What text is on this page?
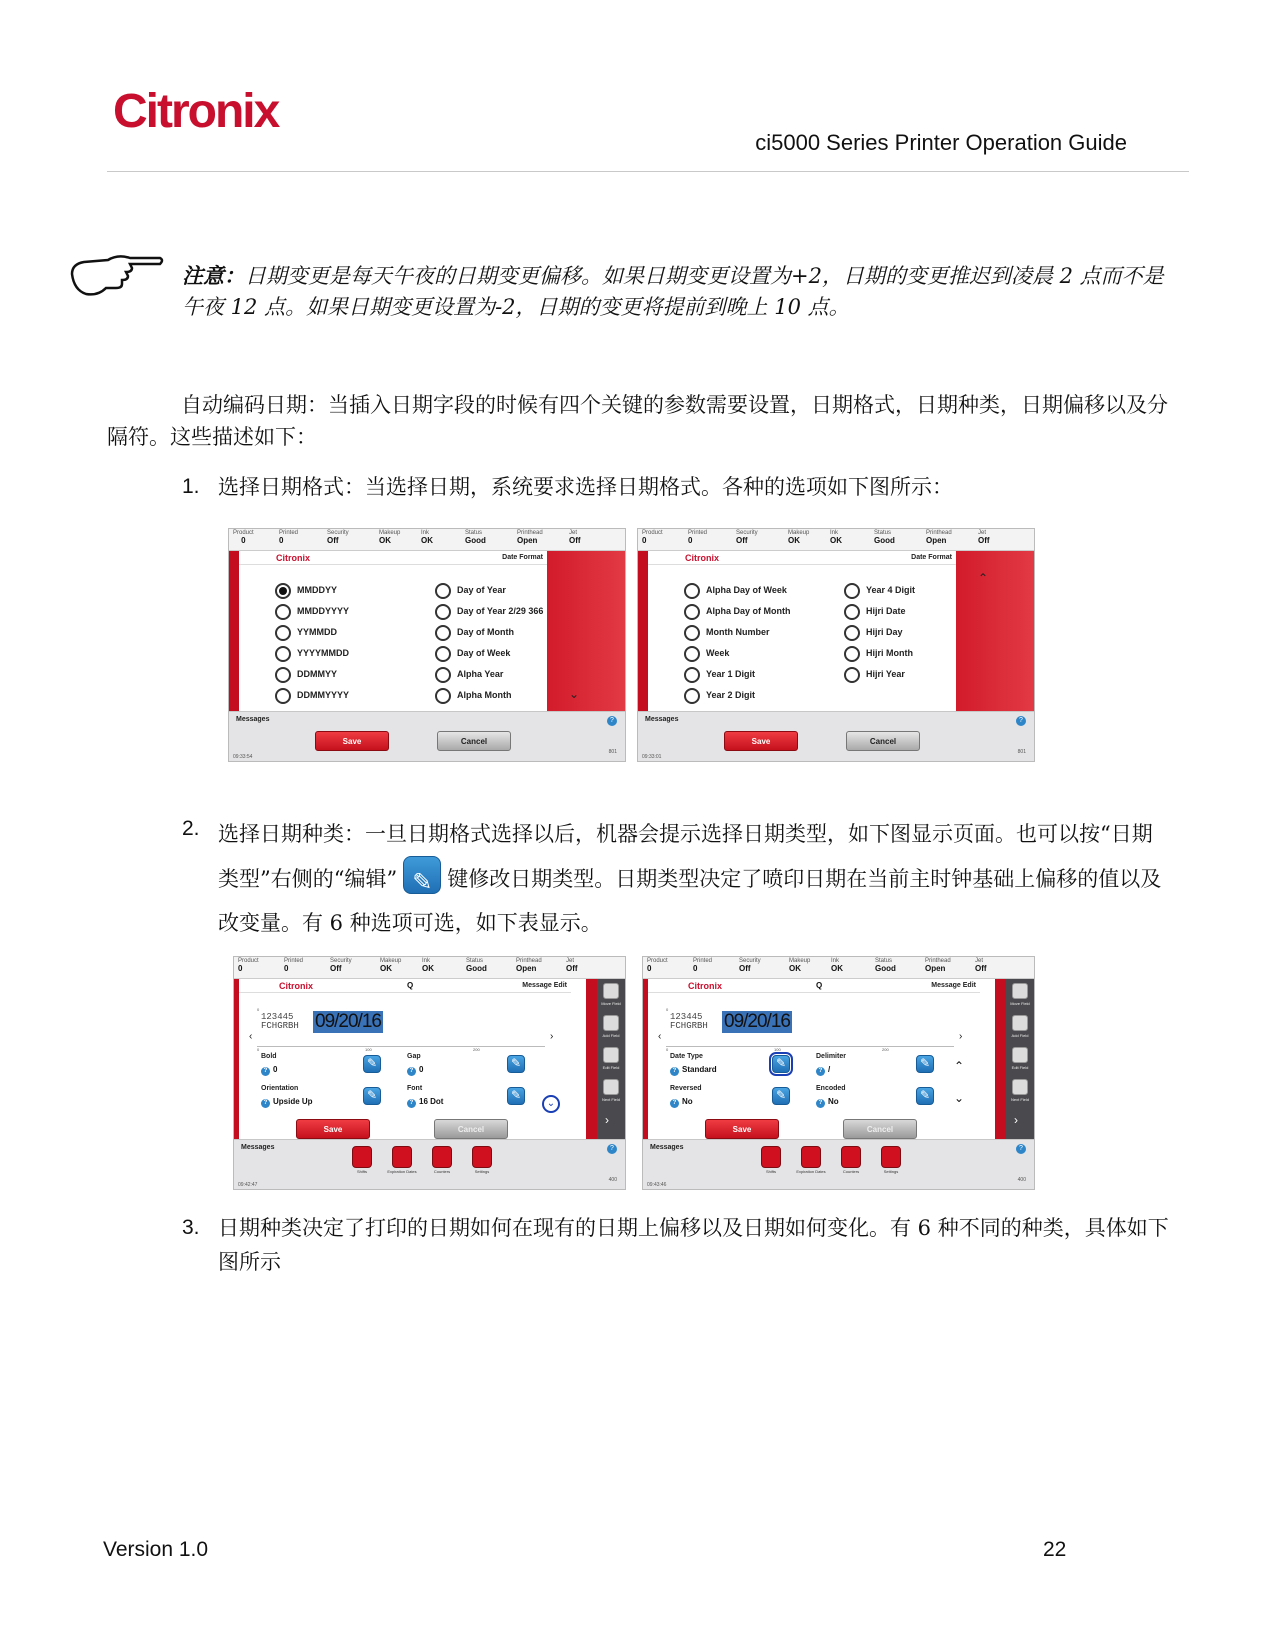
Citronix
ci5000 Series Printer Operation Guide
注意：日期变更是每天午夜的日期变更偏移。如果日期变更设置为+2，日期的变更推迟到凌晨 2 点而不是午夜 12 点。如果日期变更设置为-2，日期的变更将提前到晚上 10 点。
自动编码日期：当插入日期字段的时候有四个关键的参数需要设置，日期格式，日期种类，日期偏移以及分隔符。这些描述如下：
1. 选择日期格式：当选择日期，系统要求选择日期格式。各种的选项如下图所示：
Product
0
Printed
0
Security
Off
Makeup
OK
Ink
OK
Status
Good
Printhead
Open
Jet
Off
Citronix	Date Format
MMDDYY
MMDDYYYY
YYMMDD
YYYYMMDD
DDMMYY
DDMMYYYY
Day of Year
Day of Year 2/29 366
Day of Month
Day of Week
Alpha Year
Alpha Month	⌄
Messages
09:33:54
?
801
Save	Cancel
Product
0
Printed
0
Security
Off
Makeup
OK
Ink
OK
Status
Good
Printhead
Open
Jet
Off
Citronix	Date Format
⌃
Alpha Day of Week
Alpha Day of Month
Month Number
Week
Year 1 Digit
Year 2 Digit
Year 4 Digit
Hijri Date
Hijri Day
Hijri Month
Hijri Year
Messages
09:33:01
?
801
Save	Cancel
2. 选择日期种类：一旦日期格式选择以后，机器会提示选择日期类型，如下图显示页面。也可以按“日期类型”右侧的“编辑” ✎ 键修改日期类型。日期类型决定了喷印日期在当前主时钟基础上偏移的值以及改变量。有 6 种选项可选，如下表显示。
Product
0
Printed
0
Security
Off
Makeup
OK
Ink
OK
Status
Good
Printhead
Open
Jet
Off
Citronix	Q	Message Edit
‹	›
0
123445
FCHGRBH 09/20/16
0	100	200
Bold
? 0
✎
Gap
? 0
✎
Orientation
? Upside Up
✎
Font
? 16 Dot ✎	⌄
Move Field
Add Field
Edit Field
Next Field
›
Messages
09:42:47
?
400
Shifts	Expiration Dates	Counters	Settings
Save	Cancel
Product
0
Printed
0
Security
Off
Makeup
OK
Ink
OK
Status
Good
Printhead
Open
Jet
Off
Citronix	Q	Message Edit
‹	›
0
123445
FCHGRBH 09/20/16
0	100	200
Date Type
? Standard
✎
Delimiter
? /
✎
Reversed
? No
✎
Encoded
? No
✎
⌃
⌄
Move Field
Add Field
Edit Field
Next Field
›
Messages
09:43:46
?
400
Shifts	Expiration Dates	Counters	Settings
Save	Cancel
3. 日期种类决定了打印的日期如何在现有的日期上偏移以及日期如何变化。有 6 种不同的种类，具体如下图所示
Version 1.0	22
